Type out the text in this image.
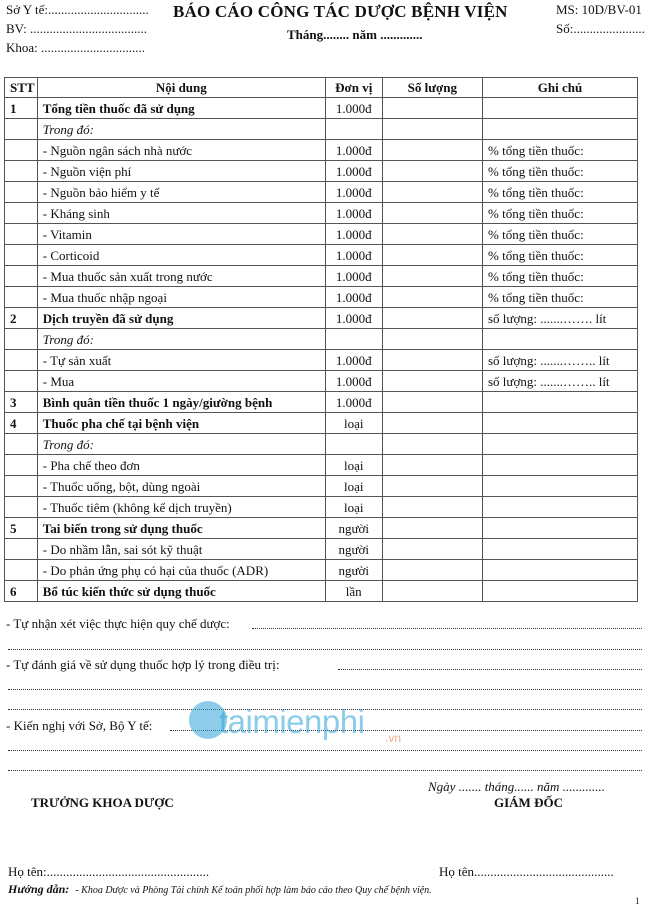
Sở Y tế:...............................
BV: ....................................
Khoa: ................................
BÁO CÁO CÔNG TÁC DƯỢC BỆNH VIỆN
Tháng........ năm .............
MS: 10D/BV-01
Số:......................
STT	Nội dung	Đơn vị	Số lượng	Ghi chú
1	Tổng tiền thuốc đã sử dụng	1.000đ		
	Trong đó:			
	- Nguồn ngân sách nhà nước	1.000đ		% tổng tiền thuốc:
	- Nguồn viện phí	1.000đ		% tổng tiền thuốc:
	- Nguồn bảo hiểm y tế	1.000đ		% tổng tiền thuốc:
	- Kháng sinh	1.000đ		% tổng tiền thuốc:
	- Vitamin	1.000đ		% tổng tiền thuốc:
	- Corticoid	1.000đ		% tổng tiền thuốc:
	- Mua thuốc sản xuất trong nước	1.000đ		% tổng tiền thuốc:
	- Mua thuốc nhập ngoại	1.000đ		% tổng tiền thuốc:
2	Dịch truyền đã sử dụng	1.000đ		số lượng: .......……. lít
	Trong đó:			
	- Tự sản xuất	1.000đ		số lượng: .......…….. lít
	- Mua	1.000đ		số lượng: .......…….. lít
3	Bình quân tiền thuốc 1 ngày/giường bệnh	1.000đ		
4	Thuốc pha chế tại bệnh viện	loại		
	Trong đó:			
	- Pha chế theo đơn	loại		
	- Thuốc uống, bột, dùng ngoài	loại		
	- Thuốc tiêm (không kể dịch truyền)	loại		
5	Tai biến trong sử dụng thuốc	người		
	- Do nhầm lẫn, sai sót kỹ thuật	người		
	- Do phản ứng phụ có hại của thuốc (ADR)	người		
6	Bổ túc kiến thức sử dụng thuốc	lần		
- Tự nhận xét việc thực hiện quy chế dược:
- Tự đánh giá về sử dụng thuốc hợp lý trong điều trị:
- Kiến nghị với Sở, Bộ Y tế: taimienphi .vn
Ngày ....... tháng...... năm .............
TRƯỞNG KHOA DƯỢC	GIÁM ĐỐC
Họ tên:..................................................	Họ tên...........................................
Hướng dẫn: - Khoa Dược và Phòng Tài chính Kế toán phối hợp làm báo cáo theo Quy chế bệnh viện.
1
